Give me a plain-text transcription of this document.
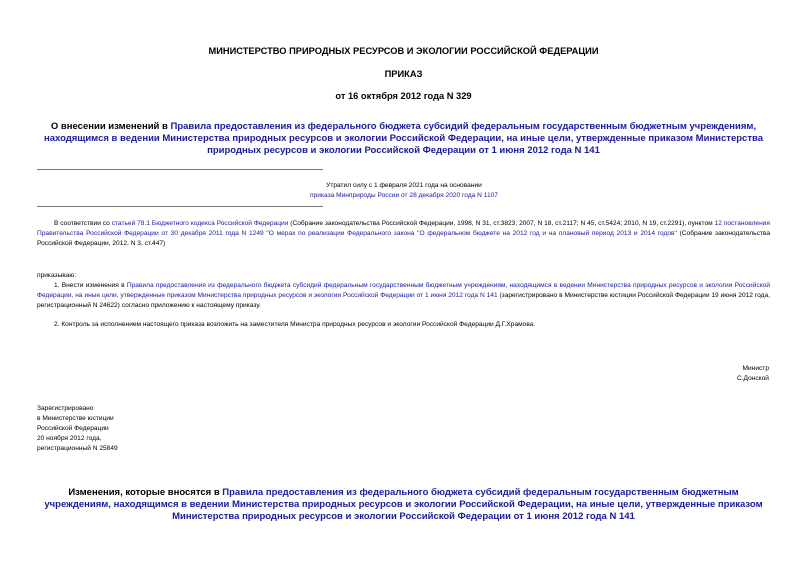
МИНИСТЕРСТВО ПРИРОДНЫХ РЕСУРСОВ И ЭКОЛОГИИ РОССИЙСКОЙ ФЕДЕРАЦИИ
ПРИКАЗ
от 16 октября 2012 года N 329
О внесении изменений в Правила предоставления из федерального бюджета субсидий федеральным государственным бюджетным учреждениям, находящимся в ведении Министерства природных ресурсов и экологии Российской Федерации, на иные цели, утвержденные приказом Министерства природных ресурсов и экологии Российской Федерации от 1 июня 2012 года N 141
Утратил силу с 1 февраля 2021 года на основании
приказа Минприроды России от 28 декабря 2020 года N 1107
В соответствии со статьей 78.1 Бюджетного кодекса Российской Федерации (Собрание законодательства Российской Федерации, 1998, N 31, ст.3823; 2007, N 18, ст.2117; N 45, ст.5424; 2010, N 19, ст.2291), пунктом 12 постановления Правительства Российской Федерации от 30 декабря 2011 года N 1249 "О мерах по реализации Федерального закона "О федеральном бюджете на 2012 год и на плановый период 2013 и 2014 годов" (Собрание законодательства Российской Федерации, 2012, N 3, ст.447)
приказываю:
1. Внести изменения в Правила предоставления из федерального бюджета субсидий федеральным государственным бюджетным учреждениям, находящимся в ведении Министерства природных ресурсов и экологии Российской Федерации, на иные цели, утвержденные приказом Министерства природных ресурсов и экологии Российской Федерации от 1 июня 2012 года N 141 (зарегистрировано в Министерстве юстиции Российской Федерации 19 июня 2012 года, регистрационный N 24622) согласно приложению к настоящему приказу.
2. Контроль за исполнением настоящего приказа возложить на заместителя Министра природных ресурсов и экологии Российской Федерации Д.Г.Храмова.
Министр
С.Донской
Зарегистрировано
в Министерстве юстиции
Российской Федерации
20 ноября 2012 года,
регистрационный N 25849
Изменения, которые вносятся в Правила предоставления из федерального бюджета субсидий федеральным государственным бюджетным учреждениям, находящимся в ведении Министерства природных ресурсов и экологии Российской Федерации, на иные цели, утвержденные приказом Министерства природных ресурсов и экологии Российской Федерации от 1 июня 2012 года N 141
